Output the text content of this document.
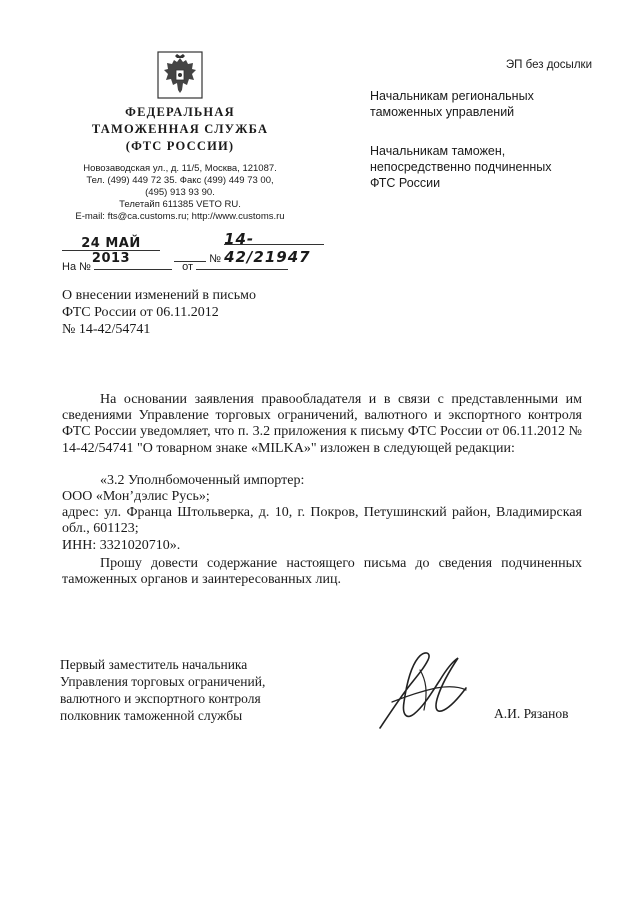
ФЕДЕРАЛЬНАЯ
ТАМОЖЕННАЯ СЛУЖБА
(ФТС РОССИИ)
Новозаводская ул., д. 11/5, Москва, 121087.
Тел. (499) 449 72 35. Факс (499) 449 73 00,
(495) 913 93 90.
Телетайп 611385 VETO RU.
E-mail: fts@ca.customs.ru; http://www.customs.ru
24 МАЙ 2013	№ 14-42/21947
На №	от
ЭП без досылки
Начальникам региональных
таможенных управлений
Начальникам таможен,
непосредственно подчиненных
ФТС России
О внесении изменений в письмо
ФТС России от 06.11.2012
№ 14-42/54741
На основании заявления правообладателя и в связи с представленными им сведениями Управление торговых ограничений, валютного и экспортного контроля ФТС России уведомляет, что п. 3.2 приложения к письму ФТС России от 06.11.2012 № 14-42/54741 "О товарном знаке «MILKA»" изложен в следующей редакции:
«3.2 Уполнбомоченный импортер:
ООО «Мон’дэлис Русь»;
адрес: ул. Франца Штольверка, д. 10, г. Покров, Петушинский район, Владимирская обл., 601123;
ИНН: 3321020710».
Прошу довести содержание настоящего письма до сведения подчиненных таможенных органов и заинтересованных лиц.
Первый заместитель начальника
Управления торговых ограничений,
валютного и экспортного контроля
полковник таможенной службы	А.И. Рязанов
